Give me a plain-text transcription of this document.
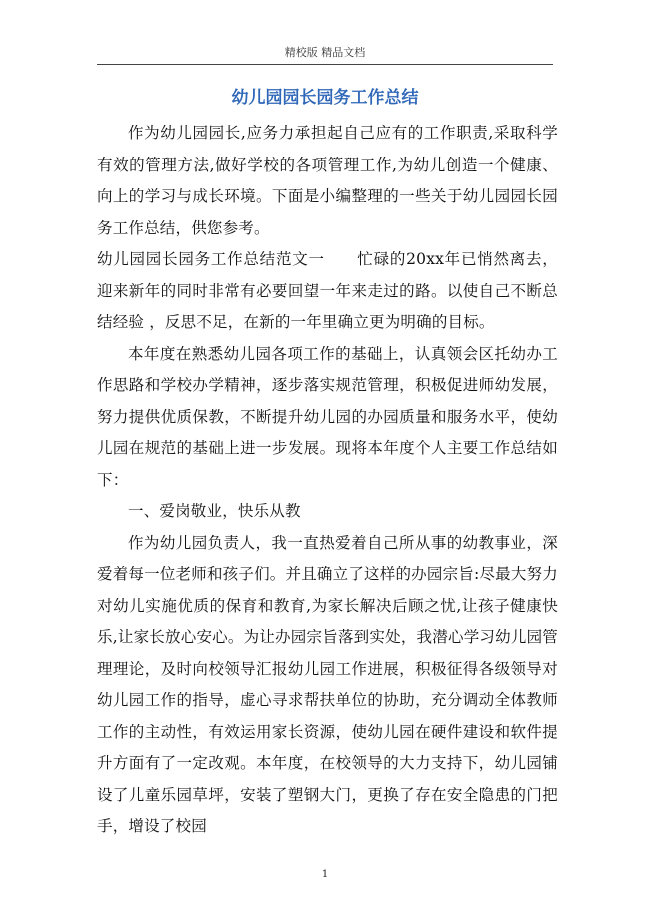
精校版 精品文档
幼儿园园长园务工作总结

作为幼儿园园长,应务力承担起自己应有的工作职责,采取科学有效的管理方法,做好学校的各项管理工作,为幼儿创造一个健康、向上的学习与成长环境。下面是小编整理的一些关于幼儿园园长园务工作总结，供您参考。

幼儿园园长园务工作总结范文一　　忙碌的20xx年已悄然离去，迎来新年的同时非常有必要回望一年来走过的路。以使自己不断总结经验 ，反思不足，在新的一年里确立更为明确的目标。

本年度在熟悉幼儿园各项工作的基础上，认真领会区托幼办工作思路和学校办学精神，逐步落实规范管理，积极促进师幼发展，努力提供优质保教，不断提升幼儿园的办园质量和服务水平，使幼儿园在规范的基础上进一步发展。现将本年度个人主要工作总结如下：

一、爱岗敬业，快乐从教

作为幼儿园负责人，我一直热爱着自己所从事的幼教事业，深爱着每一位老师和孩子们。并且确立了这样的办园宗旨:尽最大努力对幼儿实施优质的保育和教育,为家长解决后顾之忧,让孩子健康快乐,让家长放心安心。为让办园宗旨落到实处，我潜心学习幼儿园管理理论，及时向校领导汇报幼儿园工作进展，积极征得各级领导对幼儿园工作的指导，虚心寻求帮扶单位的协助，充分调动全体教师工作的主动性，有效运用家长资源，使幼儿园在硬件建设和软件提升方面有了一定改观。本年度，在校领导的大力支持下，幼儿园铺设了儿童乐园草坪，安装了塑钢大门，更换了存在安全隐患的门把手，增设了校园

1
